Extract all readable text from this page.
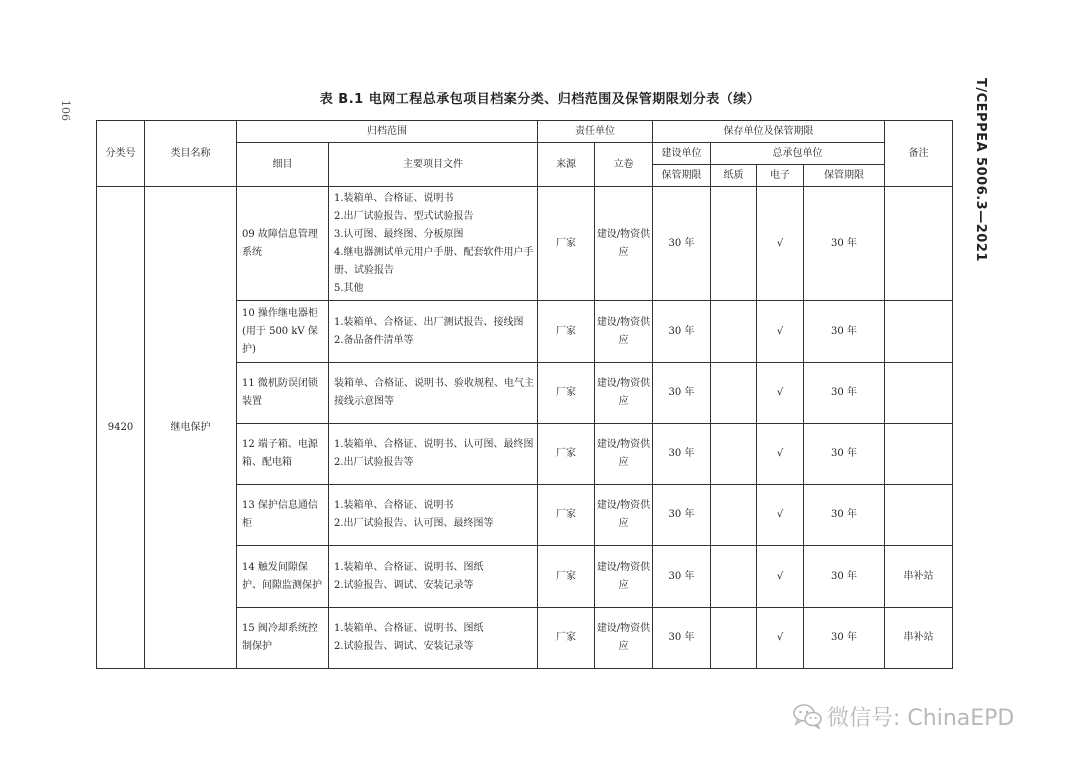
106	T/CEPPEA 5006.3—2021
表 B.1 电网工程总承包项目档案分类、归档范围及保管期限划分表（续）
分类号	类目名称	归档范围		责任单位		保存单位及保管期限				备注
		细目	主要项目文件	来源	立卷	建设单位	总承包单位			
						保管期限	纸质	电子	保管期限	
9420	继电保护	09 故障信息管理系统	1.装箱单、合格证、说明书
2.出厂试验报告、型式试验报告
3.认可图、最终图、分板原图
4.继电器测试单元用户手册、配套软件用户手册、试验报告
5.其他	厂家	建设/物资供应	30 年		√	30 年	
		10 操作继电器柜(用于 500 kV 保护)	1.装箱单、合格证、出厂测试报告、接线图
2.备品备件清单等	厂家	建设/物资供应	30 年		√	30 年	
		11 微机防误闭锁装置	装箱单、合格证、说明书、验收规程、电气主接线示意图等	厂家	建设/物资供应	30 年		√	30 年	
		12 端子箱、电源箱、配电箱	1.装箱单、合格证、说明书、认可图、最终图
2.出厂试验报告等	厂家	建设/物资供应	30 年		√	30 年	
		13 保护信息通信柜	1.装箱单、合格证、说明书
2.出厂试验报告、认可图、最终图等	厂家	建设/物资供应	30 年		√	30 年	
		14 触发间隙保护、间隙监测保护	1.装箱单、合格证、说明书、图纸
2.试验报告、调试、安装记录等	厂家	建设/物资供应	30 年		√	30 年	串补站
		15 阀冷却系统控制保护	1.装箱单、合格证、说明书、图纸
2.试验报告、调试、安装记录等	厂家	建设/物资供应	30 年		√	30 年	串补站
微信号: ChinaEPD
